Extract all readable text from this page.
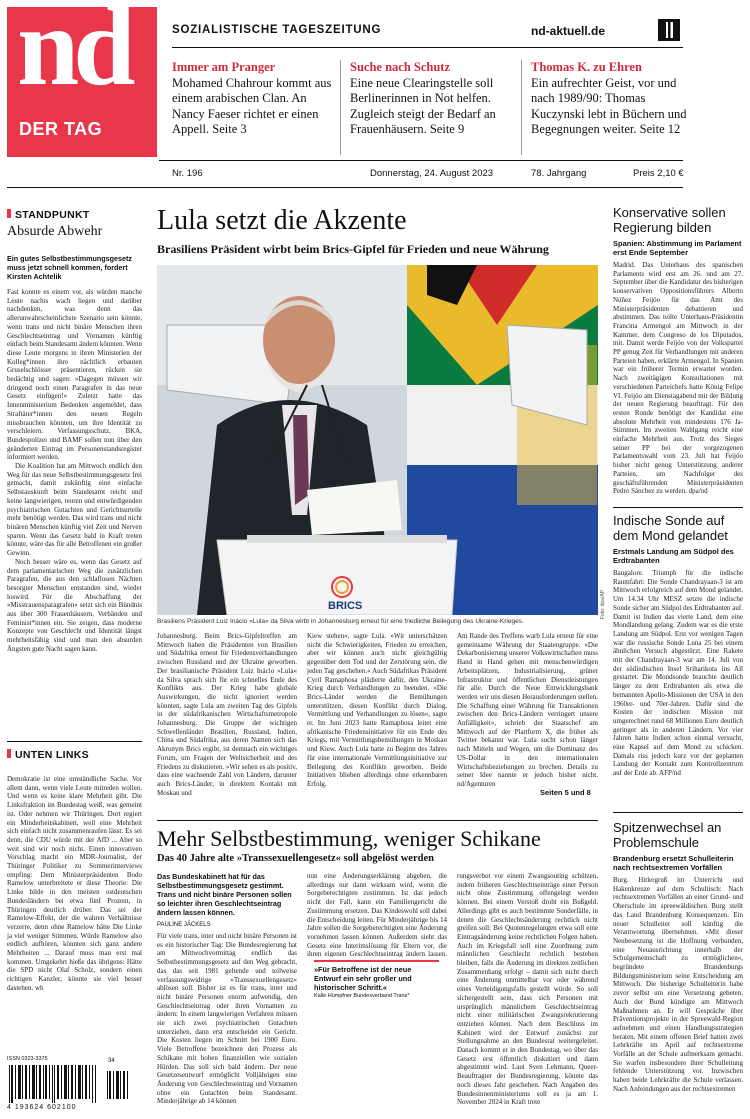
nd
DER TAG
SOZIALISTISCHE TAGESZEITUNG	nd-aktuell.de
Immer am Pranger
Mohamed Chahrour kommt aus einem arabischen Clan. An Nancy Faeser richtet er einen Appell. Seite 3
Suche nach Schutz
Eine neue Clearingstelle soll Berlinerinnen in Not helfen. Zugleich steigt der Bedarf an Frauenhäusern. Seite 9
Thomas K. zu Ehren
Ein aufrechter Geist, vor und nach 1989/90: Thomas Kuczynski lebt in Büchern und Begegnungen weiter. Seite 12
Nr. 196	Donnerstag, 24. August 2023	78. Jahrgang	Preis 2,10 €
STANDPUNKT
Absurde Abwehr
Ein gutes Selbstbestimmungsgesetz muss jetzt schnell kommen, fordert Kirsten Achtelik
Fast konnte es einem vor, als würden manche Leute nachts wach liegen und darüber nachdenken, was denn das allerunwahrscheinlichste Szenario sein könnte, wenn trans und nicht binäre Menschen ihren Geschlechtseintrag und Vornamen künftig einfach beim Standesamt ändern könnten. Wenn diese Leute morgens in ihren Ministerien der Kolleg*innen ihre nächtlich erbauten Gruselschlösser präsentieren, rücken sie bedächtig und sagen: »Dagegen müssen wir dringend noch einen Paragrafen in das neue Gesetz einfügen!« Zuletzt hatte das Innenministerium Bedenken angemeldet, dass Straftäter*innen den neuen Regeln missbrauchen könnten, um ihre Identität zu verschleiern. Verfassungsschutz, BKA, Bundespolizei und BAMF sollen nun über den geänderten Eintrag im Personenstandsregister informiert werden.
Die Koalition hat am Mittwoch endlich den Weg für das neue Selbstbestimmungsgesetz frei gemacht, damit zukünftig eine einfache Selbstauskunft beim Standesamt reicht und keine langwierigen, teuren und entwürdigenden psychiatrischen Gutachten und Gerichtsurteile mehr benötigt werden. Das wird trans und nicht binären Menschen künftig viel Zeit und Nerven sparen. Wenn das Gesetz bald in Kraft treten könnte, wäre das für alle Betroffenen ein großer Gewinn.
Noch besser wäre es, wenn das Gesetz auf dem parlamentarischen Weg die zusätzlichen Paragrafen, die aus den schlaflosen Nächten besorgter Menschen entstanden sind, wieder loswird. Für die Abschaffung der »Misstrauensparagrafen« setzt sich ein Bündnis aus über 300 Frauenhäusern, Verbänden und Feminist*innen ein. Sie zeigen, dass moderne Konzepte von Geschlecht und Identität längst mehrheitsfähig sind und man den absurden Ängsten gute Nacht sagen kann.
UNTEN LINKS
Demokratie ist eine umständliche Sache. Vor allem dann, wenn viele Leute mitreden wollen. Und wenn es keine klare Mehrheit gibt. Die Linksfraktion im Bundestag weiß, was gemeint ist. Oder nehmen wir Thüringen. Dort regiert ein Minderheitskabinett, weil eine Mehrheit sich einfach nicht zusammenraufen lässt. Es sei denn, die CDU würde mit der AfD ... Aber so weit sind wir noch nicht. Einen innovativen Vorschlag macht ein MDR-Journalist, der Thüringer Politiker zu Sommerinterviews empfing: Dem Ministerpräsidenten Bodo Ramelow unterbreitete er diese Theorie: Die Linke bilde in den meisten ostdeutschen Bundesländern bei etwa fünf Prozent, in Thüringen deutlich drüber. Das sei der Ramelow-Effekt, der die wahren Verhältnisse verzerre, denn ohne Ramelow hätte Die Linke ja viel weniger Stimmen. Würde Ramelow also endlich aufhören, könnten sich ganz andere Mehrheiten ... Darauf muss man erst mal kommen. Umgekehrt hieße das übrigens: Hätte die SPD nicht Olaf Scholz, sondern einen richtigen Kanzler, könnte sie viel besser dastehen. wh
ISSN 0323-3375
4 193624 602100
34
Lula setzt die Akzente
Brasiliens Präsident wirbt beim Brics-Gipfel für Frieden und neue Währung
BRICS	Foto: dpa/AP
Brasiliens Präsident Luiz Inácio »Lula« da Silva wirbt in Johannesburg erneut für eine friedliche Beilegung des Ukraine-Krieges.
Johannesburg. Beim Brics-Gipfeltreffen am Mittwoch haben die Präsidenten von Brasilien und Südafrika erneut für Friedensverhandlungen zwischen Russland und der Ukraine geworben. Der brasilianische Präsident Luiz Inácio »Lula« da Silva sprach sich für ein schnelles Ende des Konflikts aus. Der Krieg habe globale Auswirkungen, die nicht ignoriert werden könnten, sagte Lula am zweiten Tag des Gipfels in der südafrikanischen Wirtschaftsmetropole Johannesburg. Die Gruppe der wichtigen Schwellenländer Brasilien, Russland, Indien, China und Südafrika, aus deren Namen sich das Akronym Brics ergibt, ist demnach ein wichtiges Forum, um Fragen der Weltsicherheit und des Friedens zu diskutieren. »Wir sehen es als positiv, dass eine wachsende Zahl von Ländern, darunter auch Brics-Länder, in direktem Kontakt mit Moskau und
Kiew stehen«, sagte Lula. »Wir unterschätzen nicht die Schwierigkeiten, Frieden zu erreichen, aber wir können auch nicht gleichgültig gegenüber dem Tod und der Zerstörung sein, die jeden Tag geschehen.« Auch Südafrikas Präsident Cyril Ramaphosa plädierte dafür, den Ukraine-Krieg durch Verhandlungen zu beenden. »Die Brics-Länder werden die Bemühungen unterstützen, diesen Konflikt durch Dialog, Vermittlung und Verhandlungen zu lösen«, sagte er. Im Juni 2023 hatte Ramaphosa leitet eine afrikanische Friedensinitiative für ein Ende des Kriegs, mit Vermittlungsbemühungen in Moskau und Kiew. Auch Lula hatte zu Beginn des Jahres für eine internationale Vermittlungsinitiative zur Beilegung des Konflikts geworben. Beide Initiativen blieben allerdings ohne erkennbaren Erfolg.
Am Rande des Treffens warb Lula erneut für eine gemeinsame Währung der Staatengruppe. »Die Dekarbonisierung unserer Volkswirtschaften muss Hand in Hand gehen mit menschenwürdigen Arbeitsplätzen, Industrialisierung, grüner Infrastruktur und öffentlichen Dienstleistungen für alle. Durch die Neue Entwicklungsbank werden wir uns diesen Herausforderungen stellen. Die Schaffung einer Währung für Transaktionen zwischen den Brics-Ländern verringert unsere Anfälligkeit«, schrieb der Staatschef am Mittwoch auf der Plattform X, die früher als Twitter bekannt war. Lula sucht schon länger nach Mitteln und Wegen, um die Dominanz des US-Dollar in den internationalen Wirtschaftsbeziehungen zu brechen. Details zu seiner Idee nannte er jedoch bisher nicht. nd/Agenturen
Seiten 5 und 8
Konservative sollen Regierung bilden
Spanien: Abstimmung im Parlament erst Ende September
Madrid. Das Unterhaus des spanischen Parlaments wird erst am 26. und am 27. September über die Kandidatur des bisherigen konservativen Oppositionsführers Alberto Núñez Feijóo für das Amt des Ministerpräsidenten debattieren und abstimmen. Das teilte Unterhaus-Präsidentin Francina Armengol am Mittwoch in der Kammer, dem Congreso de los Diputados, mit. Damit werde Feijóo von der Volkspartei PP genug Zeit für Verhandlungen mit anderen Parteien haben, erklärte Armengol. In Spanien war ein früherer Termin erwartet worden. Nach zweitägigen Konsultationen mit verschiedenen Parteichefs hatte König Felipe VI. Feijóo am Dienstagabend mit der Bildung der neuen Regierung beauftragt. Für den ersten Ronde benötigt der Kandidat eine absolute Mehrheit von mindestens 176 Ja-Stimmen. Im zweiten Wahlgang reicht eine einfache Mehrheit aus. Trotz des Sieges seiner PP bei der vorgezogenen Parlamentswahl vom 23. Juli hat Feijóo bisher nicht genug Unterstützung anderer Parteien, um Nachfolger des geschäftsführenden Ministerpräsidenten Pedro Sánchez zu werden. dpa/nd
Indische Sonde auf dem Mond gelandet
Erstmals Landung am Südpol des Erdtrabanten
Bangalore. Triumph für die indische Raumfahrt: Die Sonde Chandrayaan-3 ist am Mittwoch erfolgreich auf dem Mond gelandet. Um 14.34 Uhr MESZ setzte die indische Sonde sicher am Südpol des Erdtrabanten auf. Damit ist Indien das vierte Land, dem eine Mondlandung gelang. Zudem war es die erste Landung am Südpol. Erst vor wenigen Tagen war die russische Sonde Luna 25 bei einem ähnlichen Versuch abgestürzt. Eine Rakete mit der Chandrayaan-3 war am 14. Juli von der südindischen Insel Sriharikota ins All gestartet. Die Mondsonde brauchte deutlich länger zu dem Erdtrabanten als etwa die bemannten Apollo-Missionen der USA in den 1960er- und 70er-Jahren. Dafür sind die Kosten der indischen Mission mit umgerechnet rund 68 Millionen Euro deutlich geringer als in anderen Ländern. Vor vier Jahren hatte Indien schon einmal versucht, eine Kapsel auf dem Mond zu schicken. Damals riss jedoch kurz vor der geplanten Landung der Kontakt zum Kontrollzentrum auf der Erde ab. AFP/nd
Spitzenwechsel an Problemschule
Brandenburg ersetzt Schulleiterin nach rechtsextremen Vorfällen
Burg. Hitlergruß im Unterricht und Hakenkreuze auf dem Schultisch: Nach rechtsextremen Vorfällen an einer Grund- und Oberschule im spreewäldischen Burg stellt das Land Brandenburg Konsequenzen. Ein neuer Schulleiter soll künftig die Verantwortung übernehmen. »Mit dieser Neubesetzung ist die Hoffnung verbunden, eine Neuausrichtung innerhalb der Schulgemeinschaft zu ermöglichen«, begründete Brandenburgs Bildungsministerium seine Entscheidung am Mittwoch. Die bisherige Schulleiterin habe zuvor selbst um eine Versetzung gebeten. Auch der Bund kündigte am Mittwoch Maßnahmen an. Er will Gespräche über Präventionsprojekte in der Spreewald-Region aufnehmen und einen Handlungsstrategien beraten. Mit einem offenen Brief hatten zwei Lehrkräfte im April auf rechtsextreme Vorfälle an der Schule aufmerksam gemacht. Sie warfen insbesondere ihrer Schulleitung fehlende Unterstützung vor. Inzwischen haben beide Lehrkräfte die Schule verlassen. Nach Anfeindungen aus der rechtsextremen
Mehr Selbstbestimmung, weniger Schikane
Das 40 Jahre alte »Transsexuellengesetz« soll abgelöst werden
Das Bundeskabinett hat für das Selbstbestimmungsgesetz gestimmt. Trans und nicht binäre Personen sollen so leichter ihren Geschlechtseintrag ändern lassen können.
PAULINE JÄCKELS
Für viele trans, inter und nicht binäre Personen ist es ein historischer Tag: Die Bundesregierung hat am Mittwochvormittag endlich das Selbstbestimmungsgesetz auf den Weg gebracht, das das seit 1981 geltende und teilweise verfassungswidrige »Transsexuellengesetz« ablösen soll. Bisher ist es für trans, inter und nicht binäre Personen enorm aufwendig, den Geschlechtseintrag oder ihren Vornamen zu ändern: In einem langwierigen Verfahren müssen sie sich zwei psychiatrischen Gutachten unterziehen, dann erst entscheidet ein Gericht. Die Kosten liegen im Schnitt bei 1900 Euro. Viele Betroffene bezeichnen den Prozess als Schikane mit hohen finanziellen wie sozialen Hürden. Das soll sich bald ändern. Der neue Gesetzesentwurf ermöglicht Volljährigen eine Änderung von Geschlechtseintrag und Vornamen ohne ein Gutachten beim Standesamt. Minderjährige ab 14 können
nun eine Änderungserklärung abgeben, die allerdings nur dann wirksam wird, wenn die Sorgeberechtigten zustimmen. Ist das jedoch nicht der Fall, kann ein Familiengericht die Zustimmung ersetzen. Das Kindeswohl soll dabei die Entscheidung leiten. Für Minderjährige bis 14 Jahre sollen die Sorgeberechtigten eine Änderung vornehmen lassen können. Außerdem sieht das Gesetz eine Interimslösung für Eltern vor, die ihren eigenen Geschlechtseintrag ändern lassen.
»Für Betroffene ist der neue Entwurf ein sehr großer und historischer Schritt.«
Kalle Hümpfner Bundesverband Trans*
rungsverbot vor einem Zwangsouting schützen, indem früheren Geschlechtseinträge einer Person nicht ohne Zustimmung offengelegt werden können. Bei einem Verstoß droht ein Bußgeld. Allerdings gibt es auch bestimmte Sonderfälle, in denen die Geschlechtsänderung rechtlich nicht greifen soll: Bei Quotenregelungen etwa soll eine Eintragsänderung keine rechtlichen Folgen haben. Auch im Kriegsfall soll eine Zuordnung zum männlichen Geschlecht rechtlich bestehen bleiben, falls die Änderung im direkten zeitlichen Zusammenhang erfolgt – damit sich nicht durch eine Änderung unmittelbar vor oder während eines Verteidigungsfalls gestellt würde. So soll sichergestellt sein, dass sich Personen mit ursprünglich männlichem Geschlechtseintrag nicht einer militärischen Zwangsrekrutierung entziehen können. Nach dem Beschluss im Kabinett wird der Entwurf zunächst zur Stellungnahme an den Bundesrat weitergeleitet. Danach kommt er in den Bundestag, wo über das Gesetz erst öffentlich diskutiert und dann abgestimmt wird. Laut Sven Lehmann, Queer-Beauftragter der Bundesregierung, könnte das noch dieses Jahr geschehen. Nach Angaben des Bundesinnenministeriums soll es ja am 1. November 2024 in Kraft trete
